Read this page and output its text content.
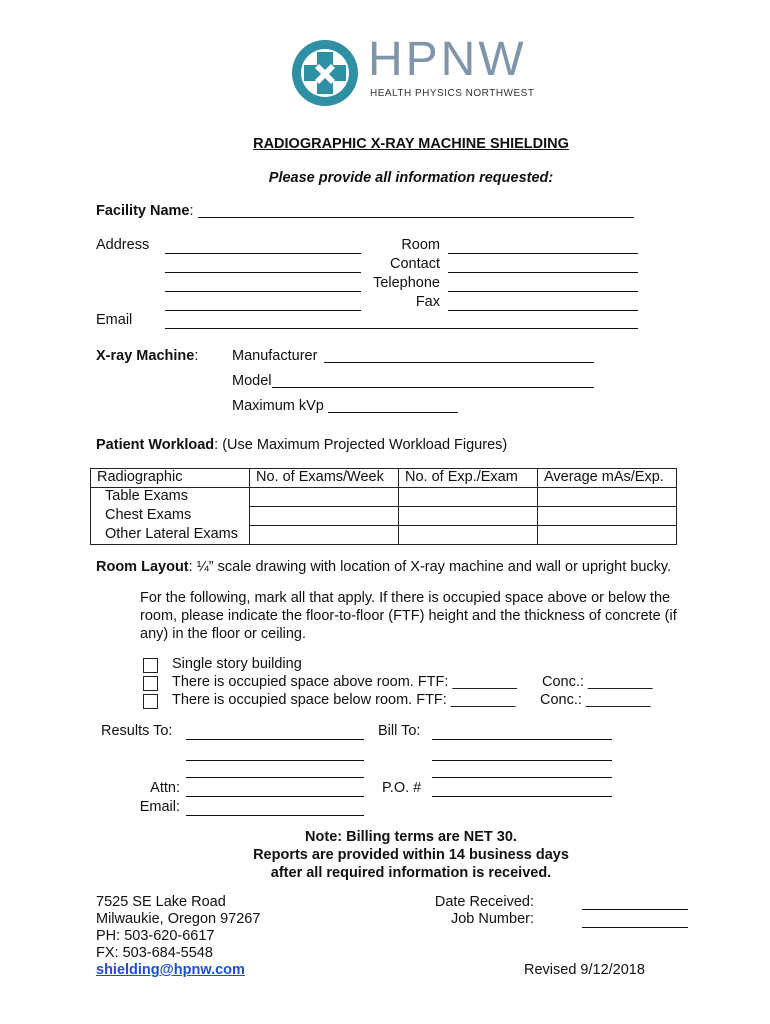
HPNW
HEALTH PHYSICS NORTHWEST
RADIOGRAPHIC X-RAY MACHINE SHIELDING
Please provide all information requested:
Facility Name:
Address	Room
Contact
Telephone
Fax
Email
X-ray Machine: Manufacturer
Model
Maximum kVp
Patient Workload: (Use Maximum Projected Workload Figures)
Radiographic	No. of Exams/Week	No. of Exp./Exam	Average mAs/Exp.
Table Exams			
Chest Exams			
Other Lateral Exams			
Room Layout: ¼” scale drawing with location of X-ray machine and wall or upright bucky.
For the following, mark all that apply. If there is occupied space above or below the
room, please indicate the floor-to-floor (FTF) height and the thickness of concrete (if
any) in the floor or ceiling.
Single story building
There is occupied space above room. FTF: ________ Conc.: ________
There is occupied space below room. FTF: ________ Conc.: ________
Results To:
Attn:
Email:
Bill To:
P.O. #
Note: Billing terms are NET 30.
Reports are provided within 14 business days
after all required information is received.
7525 SE Lake Road
Milwaukie, Oregon 97267
PH: 503-620-6617
FX: 503-684-5548
shielding@hpnw.com
Date Received:
Job Number:
Revised 9/12/2018
